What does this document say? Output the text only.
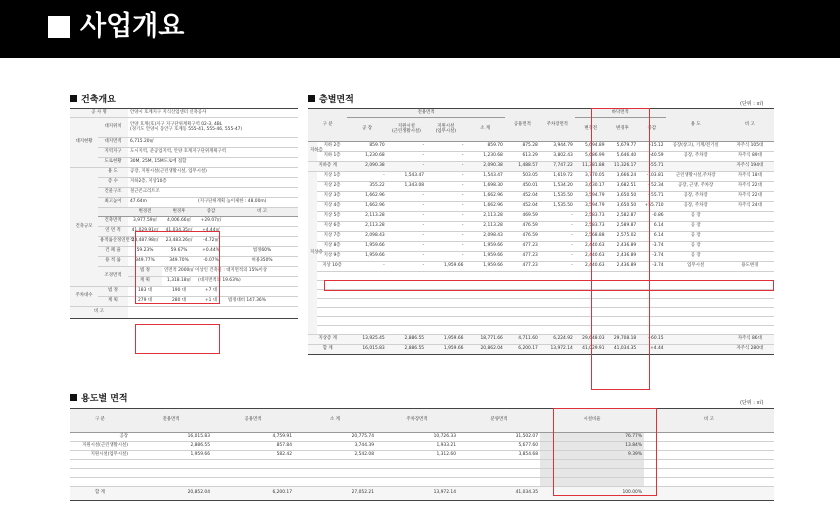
사업개요
건축개요	층별면적	(단위 : ㎡)
용도별 면적	(단위 : ㎡)
공 사 명		안양시 호계지구 지식산업센터 신축공사			
대지현황	대지위치	안양 호계(호)지구 지구단위계획구역 02-3, 4BL
(경기도 안양시 동안구 호계동 555-41, 555-46, 555-47)			
	대지면적	6,715.20㎡			
	지역지구	도시지역, 준공업지역, 안양 호계지구단위계획구역			
	도로현황	30M, 25M, 15M도로에 접함			
건축규모	용 도	공장, 지원시설(근린생활시설, 업무시설)			
	층 수	지하2층, 지상10층			
	건물구조	철근콘크리트조			
	최고높이	47.64m		(지구단위계획 높이제한 : 48.00m)	
		변경전	변경후	증감	비 고
	건축면적	3,977.59㎡	4,006.66㎡	+29.07㎡	
	연 면 적	41,029.91㎡	41,034.35㎡	+4.44㎡	
	용적률산정연면적	23,487.98㎡	23,483.26㎡	-4.72㎡	
	건 폐 율	59.23%	59.67%	+0.44%	법정60%
	용 적 률	349.77%	349.70%	-0.07%	허용350%
	조경면적	법 정	연면적 2000㎡ 이상인 건축물 : 대지면적의 15%이상		
		계 획	1,318.18㎡	(대지면적의 19.63%)	
주차대수	법 정	183 대	190 대	+7 대	
	계 획	279 대	280 대	+1 대	법정대비 147.36%
비 고					
구 분		전용면적				공용면적	주차장면적	바닥면적			용 도	비 고
		공 장	지원시설
(근린생활시설)	지원시설
(업무시설)	소 계			변경전	변경후	증감		
지하층	지하 2층	859.70	-	-	859.70	875.28	3,944.79	5,694.89	5,679.77	-15.12	공장(창고), 기계/전기실	자주식 105대
	지하 1층	1,230.68	-	-	1,230.68	613.29	3,802.43	5,686.99	5,646.40	-40.59	공장, 주차장	자주식 89대
지하층 계		2,090.38	-	-	2,090.38	1,488.57	7,747.22	11,381.88	11,326.17	-55.71		자주식 194대
지상층	지상 1층	-	1,543.47	-	1,543.47	503.05	1,619.72	3,770.05	3,666.24	-103.81	근린생활시설,주차장	자주식 18대
	지상 2층	355.22	1,343.08	-	1,698.30	450.01	1,534.20	3,630.17	3,682.51	+52.34	공장, 근생, 주차장	자주식 22대
	지상 3층	1,662.96	-	-	1,662.96	452.04	1,535.50	3,594.79	3,650.50	+55.71	공장, 주차장	자주식 22대
	지상 4층	1,662.96	-	-	1,662.96	452.04	1,535.50	3,594.79	3,650.50	+55.710	공장, 주차장	자주식 24대
	지상 5층	2,113.28	-	-	2,113.28	469.59	-	2,583.73	2,582.87	-0.86	공 장	
	지상 6층	2,113.28	-	-	2,113.28	476.59	-	2,583.73	2,589.87	6.14	공 장	
	지상 7층	2,098.43	-	-	2,098.43	476.59	-	2,568.88	2,575.02	6.14	공 장	
	지상 8층	1,959.66	-	-	1,959.66	477.23	-	2,440.63	2,436.89	-3.74	공 장	
	지상 9층	1,959.66	-	-	1,959.66	477.23	-	2,440.63	2,436.89	-3.74	공 장	
	지상 10층	-	-	1,959.66	1,959.66	477.23	-	2,440.63	2,436.89	-3.74	업무시설	용도변경

지상층 계		13,925.45	2,886.55	1,959.66	18,771.66	4,711.60	6,224.92	29,648.03	29,708.18	+60.15		자주식 86대
합 계		16,015.83	2,886.55	1,959.66	20,862.04	6,200.17	13,972.14	41,029.91	41,034.35	+4.44		자주식 280대
구 분	전용면적	공용면적	소 계	주차장면적	분양면적	시설비율	비 고
공장	16,015.83	4,759.91	20,775.74	10,726.33	31,502.07	76.77%	
지원시설(근린생활시설)	2,886.55	857.84	3,744.39	1,933.21	5,677.60	13.84%	
지원시설(업무시설)	1,959.66	582.42	2,542.08	1,312.60	3,854.68	9.39%	

합 계	20,852.04	6,200.17	27,052.21	13,972.14	41,034.35	100.00%	
